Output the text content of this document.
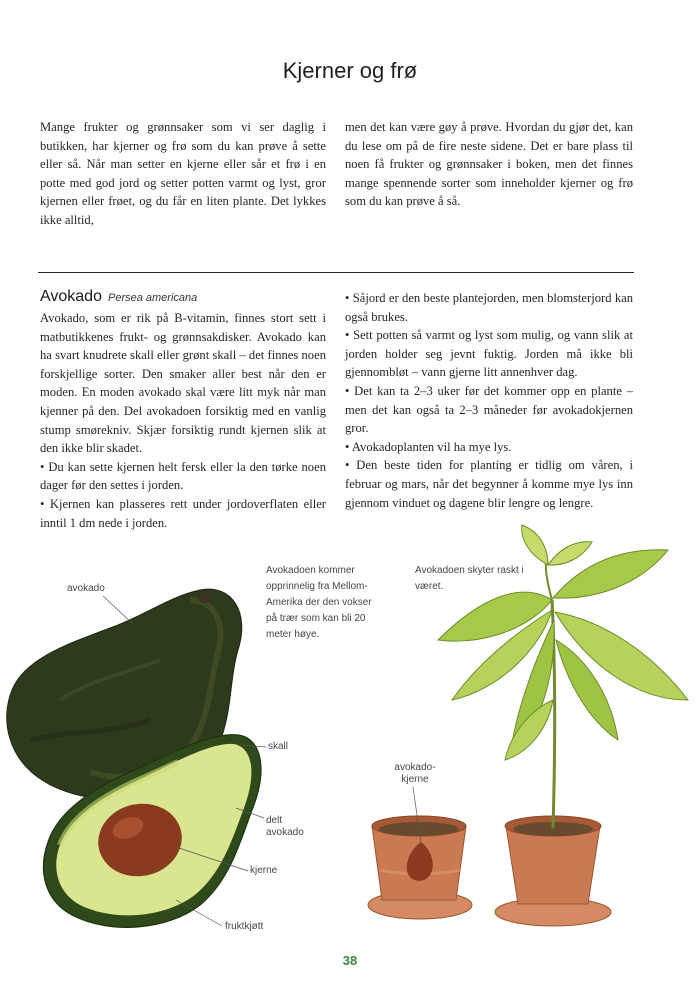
Kjerner og frø
Mange frukter og grønnsaker som vi ser daglig i butikken, har kjerner og frø som du kan prøve å sette eller så. Når man setter en kjerne eller sår et frø i en potte med god jord og setter potten varmt og lyst, gror kjernen eller frøet, og du får en liten plante. Det lykkes ikke alltid,
men det kan være gøy å prøve. Hvordan du gjør det, kan du lese om på de fire neste sidene. Det er bare plass til noen få frukter og grønnsaker i boken, men det finnes mange spennende sorter som inneholder kjerner og frø som du kan prøve å så.
Avokado Persea americana

Avokado, som er rik på B-vitamin, finnes stort sett i matbutikkenes frukt- og grønnsakdisker. Avokado kan ha svart knudrete skall eller grønt skall – det finnes noen forskjellige sorter. Den smaker aller best når den er moden. En moden avokado skal være litt myk når man kjenner på den. Del avokadoen forsiktig med en vanlig stump smørekniv. Skjær forsiktig rundt kjernen slik at den ikke blir skadet.

• Du kan sette kjernen helt fersk eller la den tørke noen dager før den settes i jorden.
• Kjernen kan plasseres rett under jordoverflaten eller inntil 1 dm nede i jorden.
• Såjord er den beste plantejorden, men blomsterjord kan også brukes.
• Sett potten så varmt og lyst som mulig, og vann slik at jorden holder seg jevnt fuktig. Jorden må ikke bli gjennombløt – vann gjerne litt annenhver dag.
• Det kan ta 2–3 uker før det kommer opp en plante – men det kan også ta 2–3 måneder før avokadokjernen gror.
• Avokadoplanten vil ha mye lys.
• Den beste tiden for planting er tidlig om våren, i februar og mars, når det begynner å komme mye lys inn gjennom vinduet og dagene blir lengre og lengre.
Avokadoen kommer opprinnelig fra Mellom-Amerika der den vokser på trær som kan bli 20 meter høye.
Avokadoen skyter raskt i været.
avokado
skall
delt avokado
kjerne
fruktkjøtt
avokado-kjerne
38
